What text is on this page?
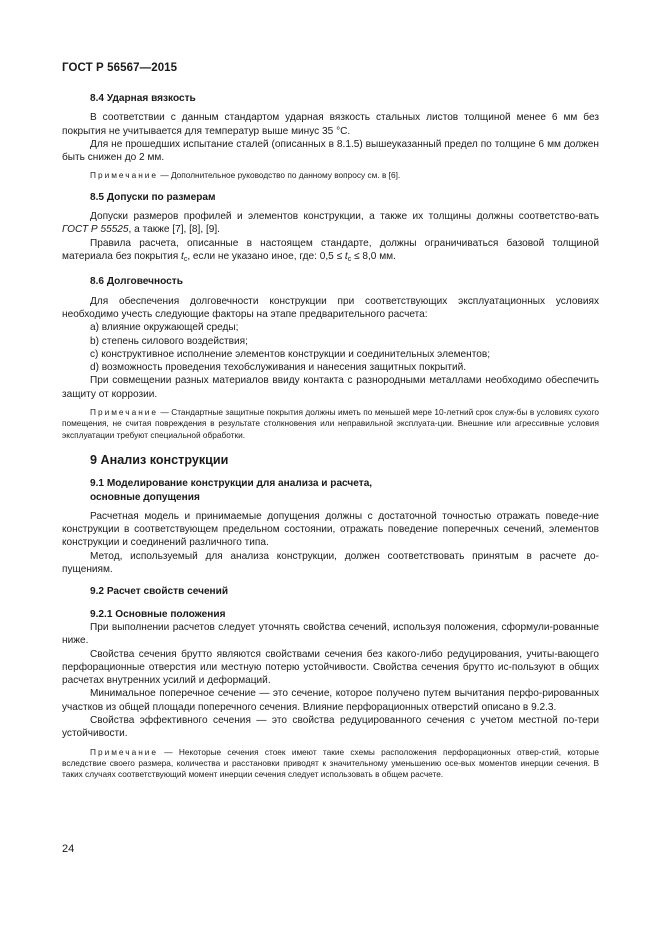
ГОСТ Р 56567—2015
8.4 Ударная вязкость

В соответствии с данным стандартом ударная вязкость стальных листов толщиной менее 6 мм без покрытия не учитывается для температур выше минус 35 °С.

Для не прошедших испытание сталей (описанных в 8.1.5) вышеуказанный предел по толщине 6 мм должен быть снижен до 2 мм.

Примечание — Дополнительное руководство по данному вопросу см. в [6].

8.5 Допуски по размерам

Допуски размеров профилей и элементов конструкции, а также их толщины должны соответство-вать ГОСТ Р 55525, а также [7], [8], [9].

Правила расчета, описанные в настоящем стандарте, должны ограничиваться базовой толщиной материала без покрытия $t_c$, если не указано иное, где: $0,5 \le t_c \le 8,0$ мм.

8.6 Долговечность

Для обеспечения долговечности конструкции при соответствующих эксплуатационных условиях необходимо учесть следующие факторы на этапе предварительного расчета:

а) влияние окружающей среды;

b) степень силового воздействия;

с) конструктивное исполнение элементов конструкции и соединительных элементов;

d) возможность проведения техобслуживания и нанесения защитных покрытий.

При совмещении разных материалов ввиду контакта с разнородными металлами необходимо обеспечить защиту от коррозии.

Примечание — Стандартные защитные покрытия должны иметь по меньшей мере 10-летний срок служ-бы в условиях сухого помещения, не считая повреждения в результате столкновения или неправильной эксплуата-ции. Внешние или агрессивные условия эксплуатации требуют специальной обработки.

9 Анализ конструкции
9.1 Моделирование конструкции для анализа и расчета,
основные допущения

Расчетная модель и принимаемые допущения должны с достаточной точностью отражать поведе-ние конструкции в соответствующем предельном состоянии, отражать поведение поперечных сечений, элементов конструкции и соединений различного типа.

Метод, используемый для анализа конструкции, должен соответствовать принятым в расчете до-пущениям.

9.2 Расчет свойств сечений
9.2.1 Основные положения

При выполнении расчетов следует уточнять свойства сечений, используя положения, сформули-рованные ниже.

Свойства сечения брутто являются свойствами сечения без какого-либо редуцирования, учиты-вающего перфорационные отверстия или местную потерю устойчивости. Свойства сечения брутто ис-пользуют в общих расчетах внутренних усилий и деформаций.

Минимальное поперечное сечение — это сечение, которое получено путем вычитания перфо-рированных участков из общей площади поперечного сечения. Влияние перфорационных отверстий описано в 9.2.3.

Свойства эффективного сечения — это свойства редуцированного сечения с учетом местной по-тери устойчивости.

Примечание — Некоторые сечения стоек имеют такие схемы расположения перфорационных отвер-стий, которые вследствие своего размера, количества и расстановки приводят к значительному уменьшению осе-вых моментов инерции сечения. В таких случаях соответствующий момент инерции сечения следует использовать в общем расчете.

24
